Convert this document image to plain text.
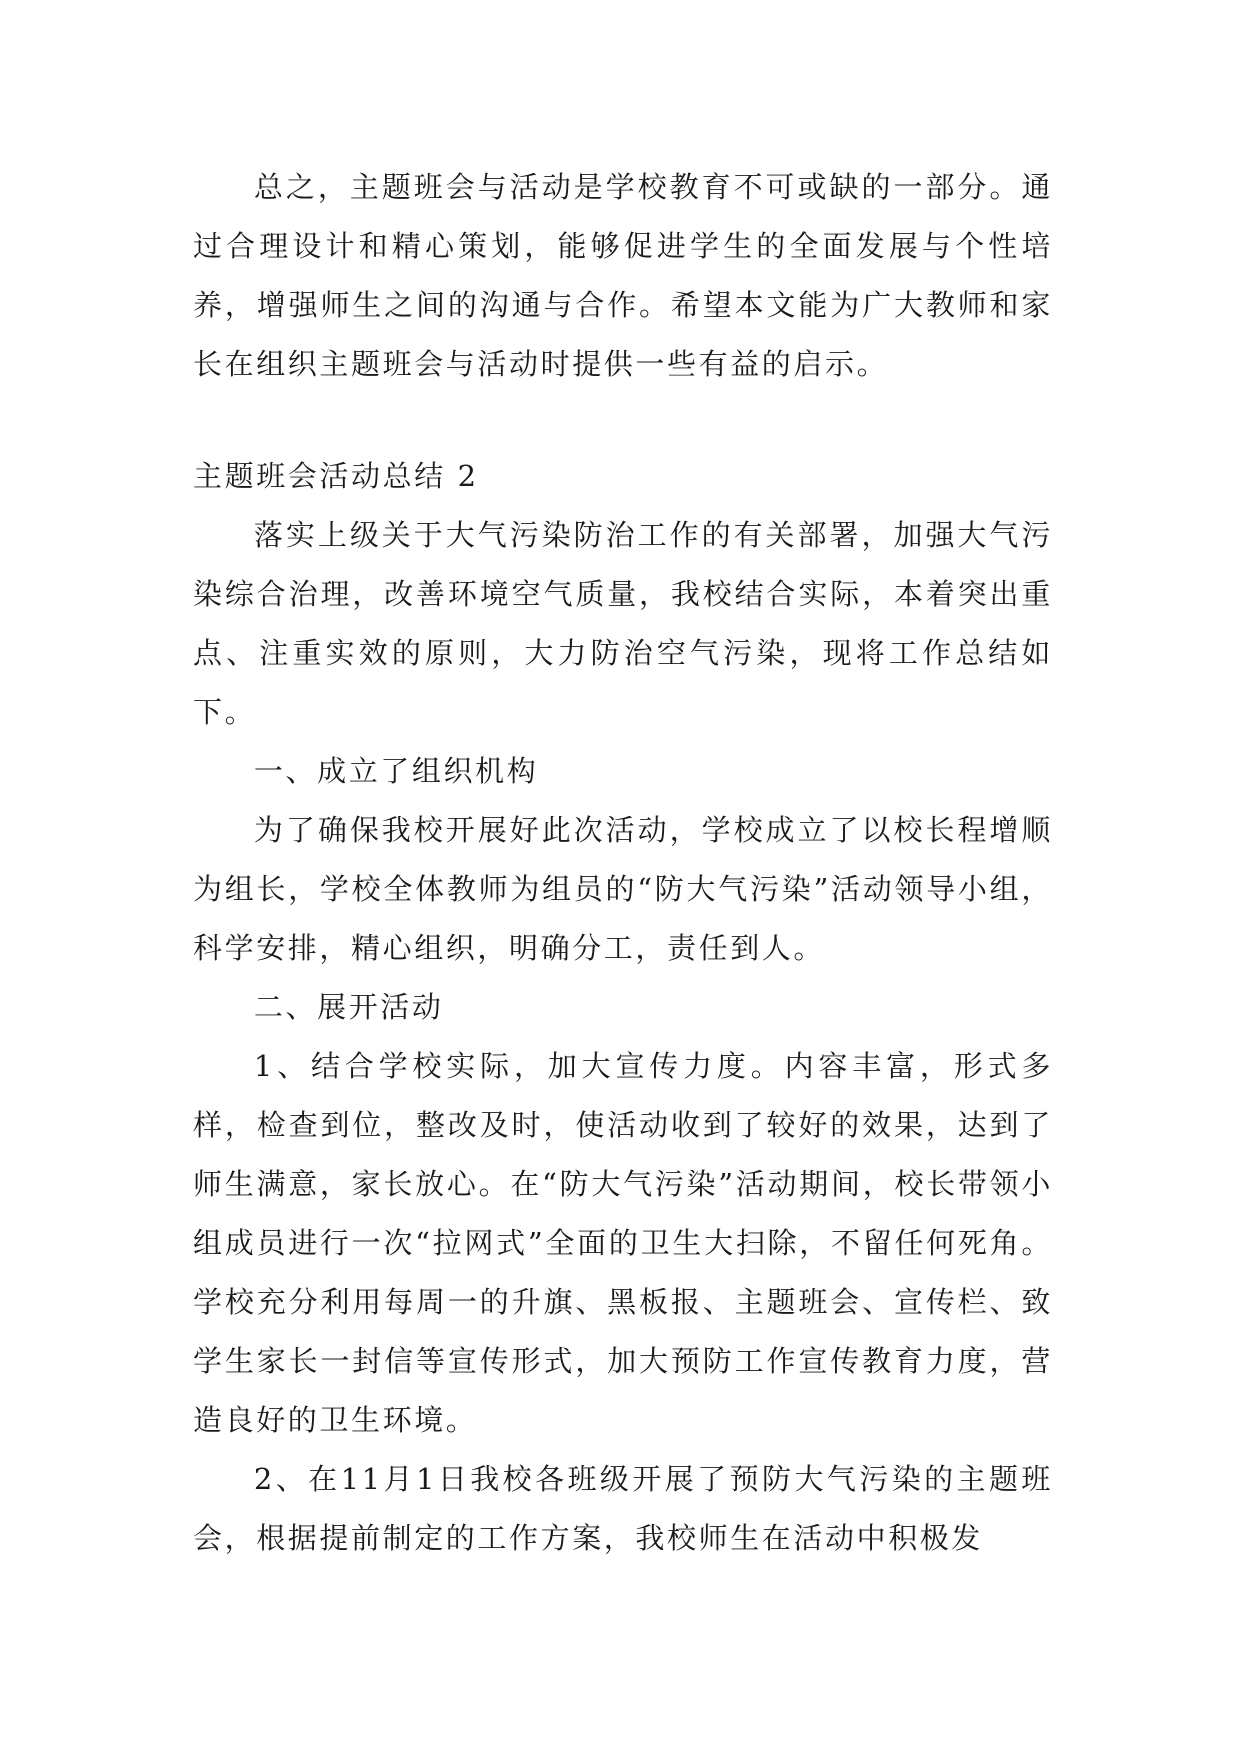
总之，主题班会与活动是学校教育不可或缺的一部分。通过合理设计和精心策划，能够促进学生的全面发展与个性培养，增强师生之间的沟通与合作。希望本文能为广大教师和家长在组织主题班会与活动时提供一些有益的启示。

主题班会活动总结 2

落实上级关于大气污染防治工作的有关部署，加强大气污染综合治理，改善环境空气质量，我校结合实际，本着突出重点、注重实效的原则，大力防治空气污染，现将工作总结如下。

一、成立了组织机构

为了确保我校开展好此次活动，学校成立了以校长程增顺为组长，学校全体教师为组员的“防大气污染”活动领导小组，科学安排，精心组织，明确分工，责任到人。

二、展开活动

1、结合学校实际，加大宣传力度。内容丰富，形式多样，检查到位，整改及时，使活动收到了较好的效果，达到了师生满意，家长放心。在“防大气污染”活动期间，校长带领小组成员进行一次“拉网式”全面的卫生大扫除，不留任何死角。学校充分利用每周一的升旗、黑板报、主题班会、宣传栏、致学生家长一封信等宣传形式，加大预防工作宣传教育力度，营造良好的卫生环境。

2、在11月1日我校各班级开展了预防大气污染的主题班会，根据提前制定的工作方案，我校师生在活动中积极发
